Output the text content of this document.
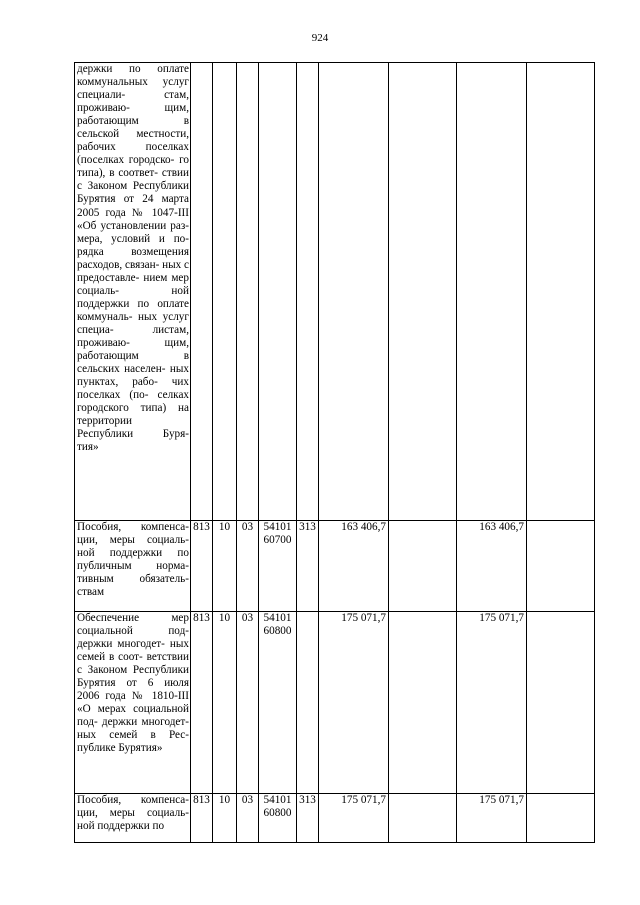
924
держки по оплате коммунальных услуг специали- стам, проживаю- щим, работающим в сельской местности, рабочих поселках (поселках городско- го типа), в соответ- ствии с Законом Республики Бурятия от 24 марта 2005 года № 1047-III «Об установлении раз- мера, условий и по- рядка возмещения расходов, связан- ных с предоставле- нием мер социаль- ной поддержки по оплате коммуналь- ных услуг специа- листам, проживаю- щим, работающим в сельских населен- ных пунктах, рабо- чих поселках (по- селках городского типа) на территории Республики Буря-
тия»									

Пособия, компенса- ции, меры социаль- ной поддержки по публичным норма- тивным обязатель-
ствам	813	10	03	54101 60700	313	163 406,7		163 406,7	
Обеспечение мер социальной под- держки многодет- ных семей в соот- ветствии с Законом Республики Бурятия от 6 июля 2006 года № 1810-III «О мерах социальной под- держки многодет- ных семей в Рес-
публике Бурятия»	813	10	03	54101 60800		175 071,7		175 071,7	
Пособия, компенса- ции, меры социаль-
ной поддержки по	813	10	03	54101 60800	313	175 071,7		175 071,7	
